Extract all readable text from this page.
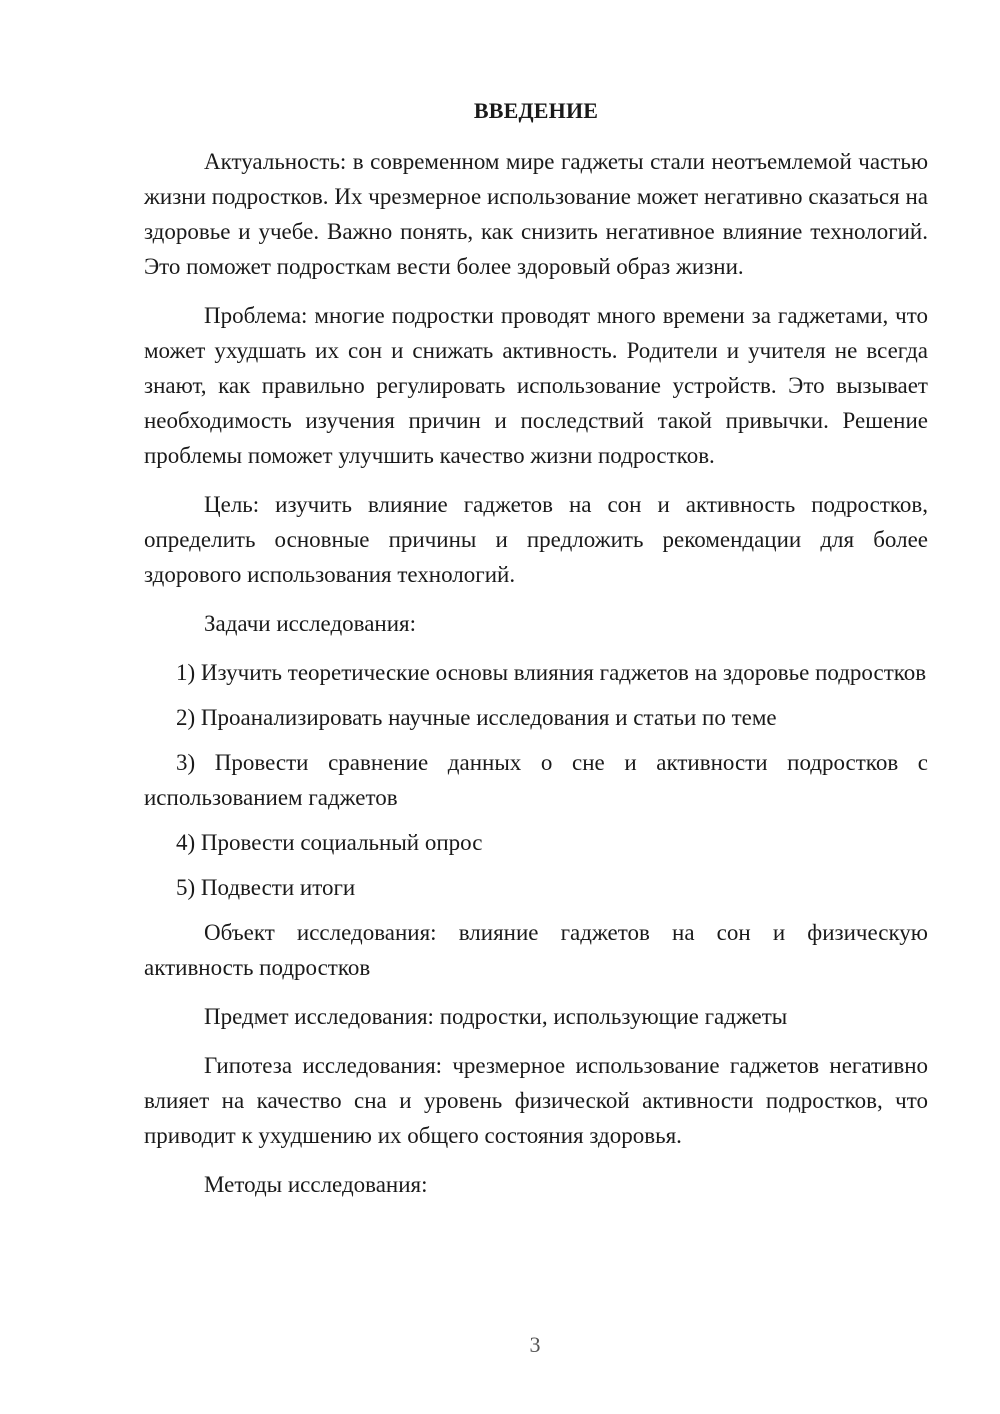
ВВЕДЕНИЕ

Актуальность: в современном мире гаджеты стали неотъемлемой частью жизни подростков. Их чрезмерное использование может негативно сказаться на здоровье и учебе. Важно понять, как снизить негативное влияние технологий. Это поможет подросткам вести более здоровый образ жизни.

Проблема: многие подростки проводят много времени за гаджетами, что может ухудшать их сон и снижать активность. Родители и учителя не всегда знают, как правильно регулировать использование устройств. Это вызывает необходимость изучения причин и последствий такой привычки. Решение проблемы поможет улучшить качество жизни подростков.

Цель: изучить влияние гаджетов на сон и активность подростков, определить основные причины и предложить рекомендации для более здорового использования технологий.

Задачи исследования:

1) Изучить теоретические основы влияния гаджетов на здоровье подростков

2) Проанализировать научные исследования и статьи по теме

3) Провести сравнение данных о сне и активности подростков с использованием гаджетов

4) Провести социальный опрос

5) Подвести итоги

Объект исследования: влияние гаджетов на сон и физическую активность подростков

Предмет исследования: подростки, использующие гаджеты

Гипотеза исследования: чрезмерное использование гаджетов негативно влияет на качество сна и уровень физической активности подростков, что приводит к ухудшению их общего состояния здоровья.

Методы исследования:

3
